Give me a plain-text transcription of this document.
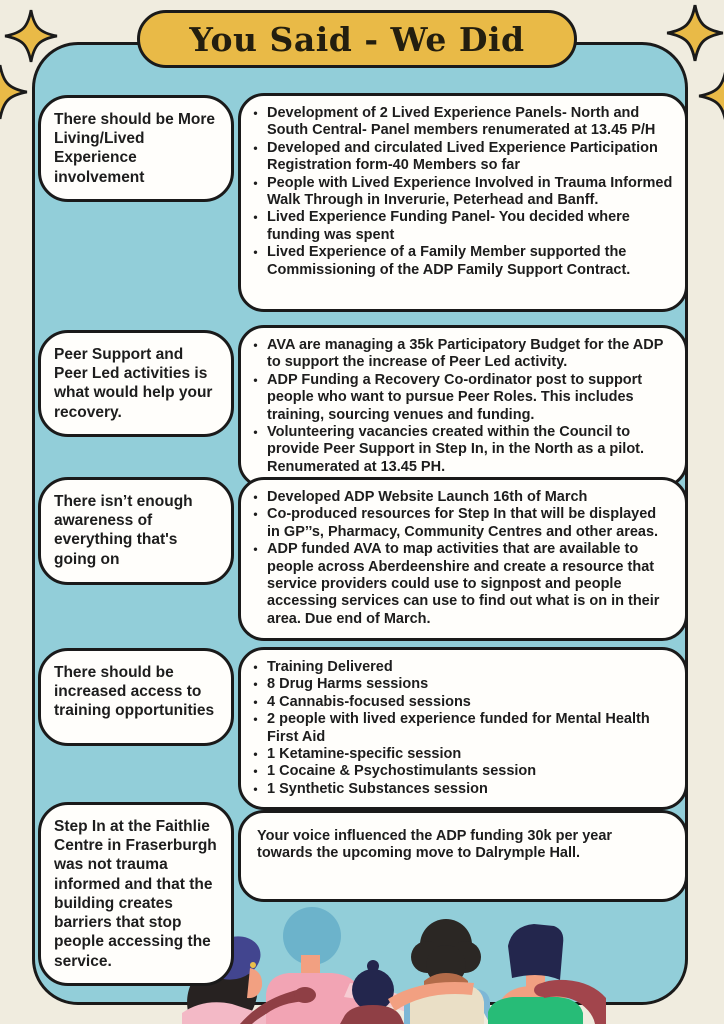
You Said - We Did
There should be More Living/Lived Experience involvement
• Development of 2 Lived Experience Panels- North and South Central- Panel members renumerated at 13.45 P/H
• Developed and circulated Lived Experience Participation Registration form-40 Members so far
• People with Lived Experience Involved in Trauma Informed Walk Through in Inverurie, Peterhead and Banff.
• Lived Experience Funding Panel- You decided where funding was spent
• Lived Experience of a Family Member supported the Commissioning of the ADP Family Support Contract.
Peer Support and Peer Led activities is what would help your recovery.
• AVA are managing a 35k Participatory Budget for the ADP to support the increase of Peer Led activity.
• ADP Funding a Recovery Co-ordinator post to support people who want to pursue Peer Roles. This includes training, sourcing venues and funding.
• Volunteering vacancies created within the Council to provide Peer Support in Step In, in the North as a pilot. Renumerated at 13.45 PH.
There isn’t enough awareness of everything that's going on
• Developed ADP Website Launch 16th of March
• Co-produced resources for Step In that will be displayed in GP’’s, Pharmacy, Community Centres and other areas.
• ADP funded AVA to map activities that are available to people across Aberdeenshire and create a resource that service providers could use to signpost and people accessing services can use to find out what is on in their area. Due end of March.
There should be increased access to training opportunities
• Training Delivered
• 8 Drug Harms sessions
• 4 Cannabis-focused sessions
• 2 people with lived experience funded for Mental Health First Aid
• 1 Ketamine-specific session
• 1 Cocaine & Psychostimulants session
• 1 Synthetic Substances session
Step In at the Faithlie Centre in Fraserburgh was not trauma informed and that the building creates barriers that stop people accessing the service.

Your voice influenced the ADP funding 30k per year towards the upcoming move to Dalrymple Hall.
